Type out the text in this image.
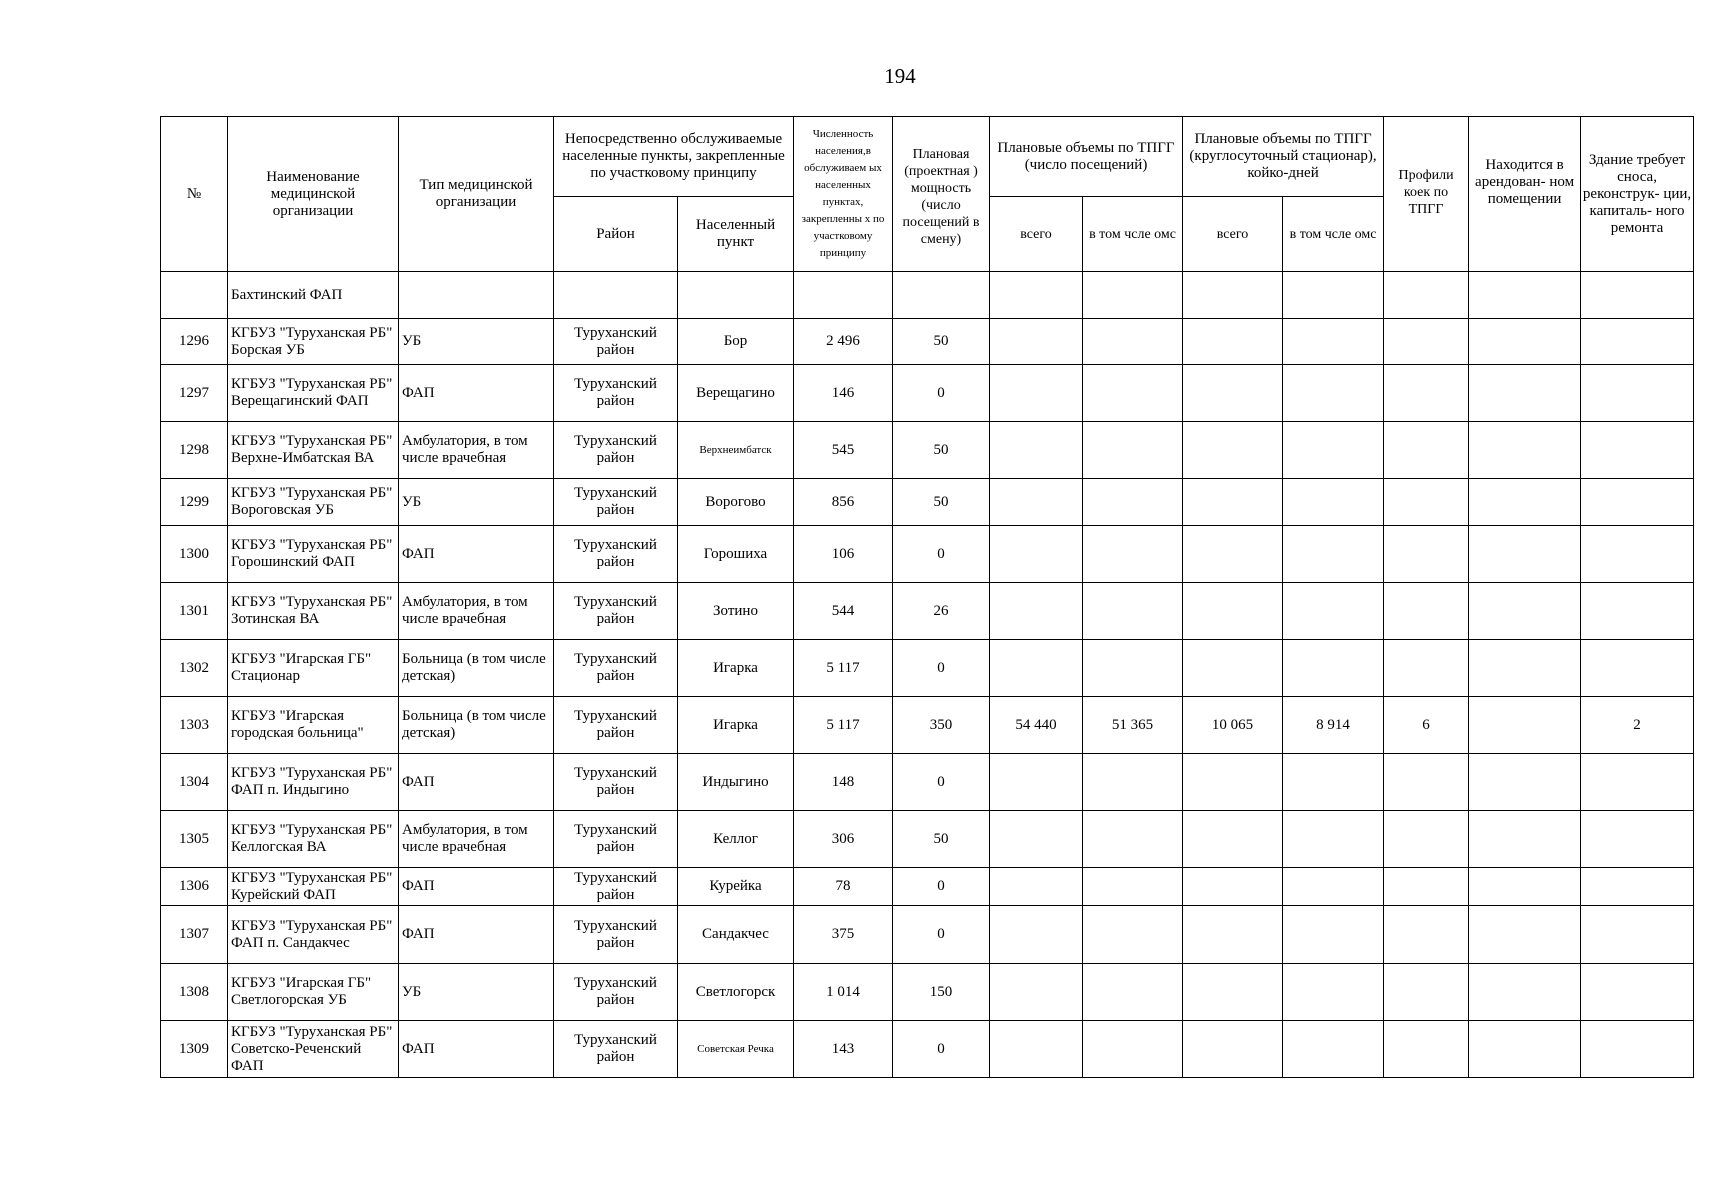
194
№	Наименование медицинской организации	Тип медицинской организации	Непосредственно обслуживаемые населенные пункты, закрепленные по участковому принципу		Численность населения,в обслуживаем ых населенных пунктах, закрепленны х по участковому принципу	Плановая (проектная ) мощность	Плановые объемы по ТПГГ (число посещений)		Плановые объемы по ТПГГ (круглосуточный стационар), койко-дней		Профили коек по ТПГГ	Находится в арендован- ном помещении	Здание требует сноса, реконструк- ции, капиталь- ного ремонта
			Район	Населенный пункт		(число посещений в смену)	всего	в том чсле омс	всего	в том чсле омс			
	Бахтинский ФАП												
1296	КГБУЗ "Туруханская РБ" Борская УБ	УБ	Туруханский район	Бор	2 496	50							
1297	КГБУЗ "Туруханская РБ" Верещагинский ФАП	ФАП	Туруханский район	Верещагино	146	0							
1298	КГБУЗ "Туруханская РБ" Верхне-Имбатская ВА	Амбулатория, в том числе врачебная	Туруханский район	Верхнеимбатск	545	50							
1299	КГБУЗ "Туруханская РБ" Вороговская УБ	УБ	Туруханский район	Ворогово	856	50							
1300	КГБУЗ "Туруханская РБ" Горошинский ФАП	ФАП	Туруханский район	Горошиха	106	0							
1301	КГБУЗ "Туруханская РБ" Зотинская ВА	Амбулатория, в том числе врачебная	Туруханский район	Зотино	544	26							
1302	КГБУЗ "Игарская ГБ" Стационар	Больница (в том числе детская)	Туруханский район	Игарка	5 117	0							
1303	КГБУЗ "Игарская городская больница"	Больница (в том числе детская)	Туруханский район	Игарка	5 117	350	54 440	51 365	10 065	8 914	6		2
1304	КГБУЗ "Туруханская РБ" ФАП п. Индыгино	ФАП	Туруханский район	Индыгино	148	0							
1305	КГБУЗ "Туруханская РБ" Келлогская ВА	Амбулатория, в том числе врачебная	Туруханский район	Келлог	306	50							
1306	КГБУЗ "Туруханская РБ" Курейский ФАП	ФАП	Туруханский район	Курейка	78	0							
1307	КГБУЗ "Туруханская РБ" ФАП п. Сандакчес	ФАП	Туруханский район	Сандакчес	375	0							
1308	КГБУЗ "Игарская ГБ" Светлогорская УБ	УБ	Туруханский район	Светлогорск	1 014	150							
1309	КГБУЗ "Туруханская РБ" Советско-Реченский ФАП	ФАП	Туруханский район	Советская Речка	143	0							
